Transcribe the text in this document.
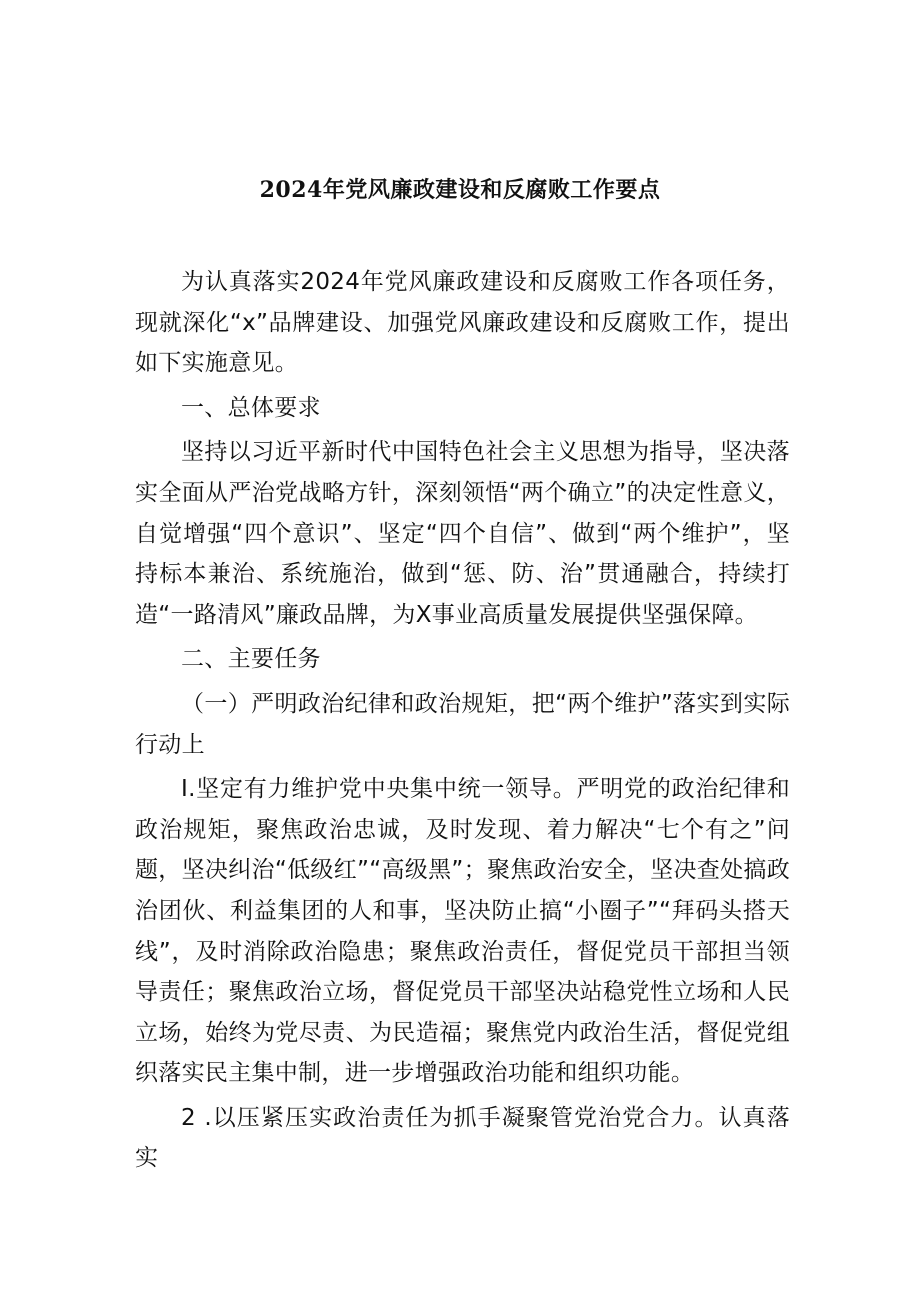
2024年党风廉政建设和反腐败工作要点

为认真落实2024年党风廉政建设和反腐败工作各项任务，现就深化“x”品牌建设、加强党风廉政建设和反腐败工作，提出如下实施意见。

一、总体要求

坚持以习近平新时代中国特色社会主义思想为指导，坚决落实全面从严治党战略方针，深刻领悟“两个确立”的决定性意义，自觉增强“四个意识”、坚定“四个自信”、做到“两个维护”，坚持标本兼治、系统施治，做到“惩、防、治”贯通融合，持续打造“一路清风”廉政品牌，为X事业高质量发展提供坚强保障。

二、主要任务

（一）严明政治纪律和政治规矩，把“两个维护”落实到实际行动上

I.坚定有力维护党中央集中统一领导。严明党的政治纪律和政治规矩，聚焦政治忠诚，及时发现、着力解决“七个有之”问题，坚决纠治“低级红”“高级黑”；聚焦政治安全，坚决查处搞政治团伙、利益集团的人和事，坚决防止搞“小圈子”“拜码头搭天线”，及时消除政治隐患；聚焦政治责任，督促党员干部担当领导责任；聚焦政治立场，督促党员干部坚决站稳党性立场和人民立场，始终为党尽责、为民造福；聚焦党内政治生活，督促党组织落实民主集中制，进一步增强政治功能和组织功能。

2 .以压紧压实政治责任为抓手凝聚管党治党合力。认真落实
